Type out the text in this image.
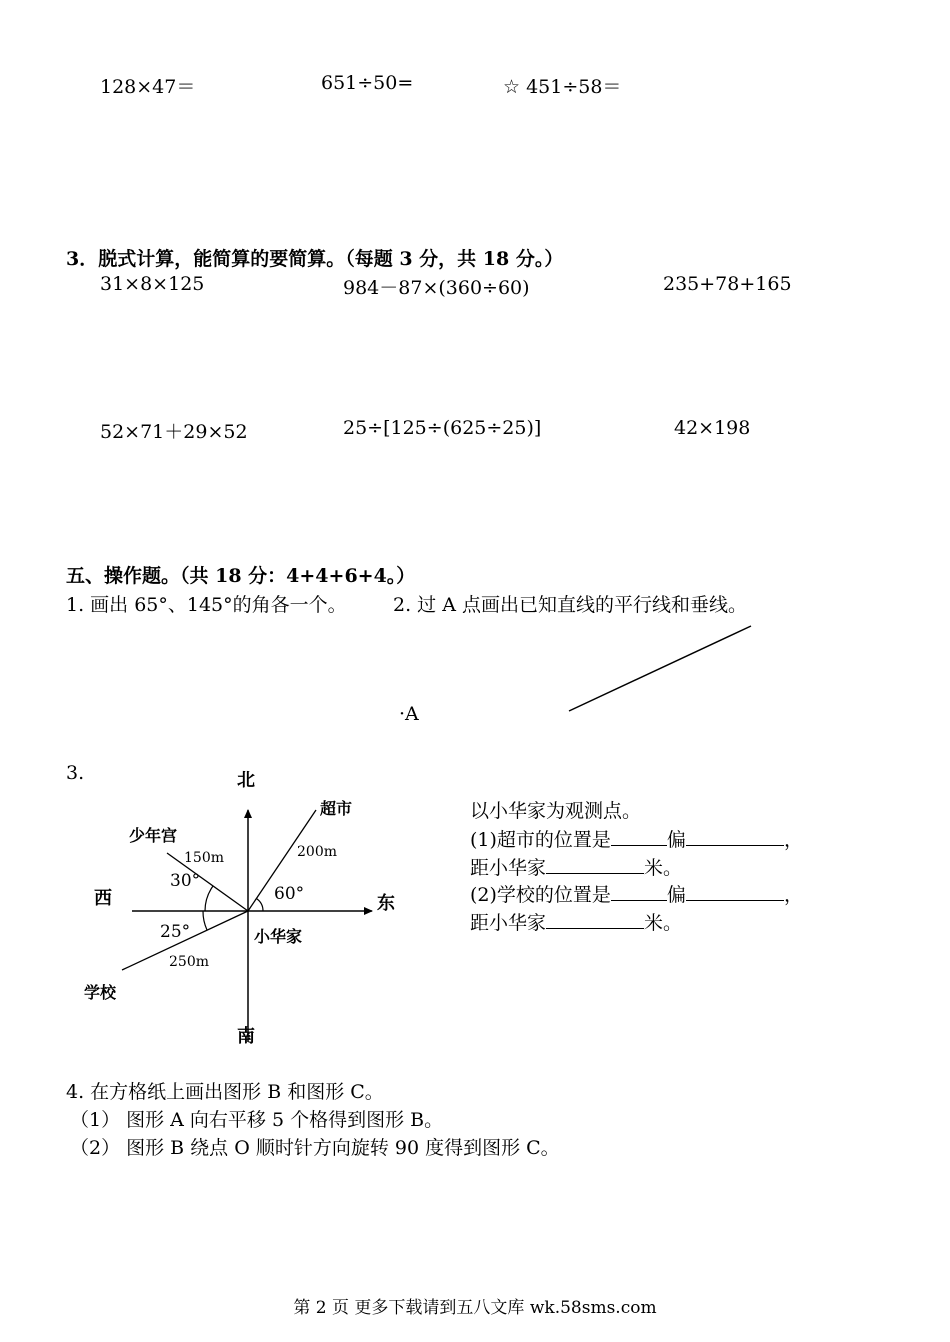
128×47＝	651÷50=	☆ 451÷58＝
3．脱式计算，能简算的要简算。（每题 3 分，共 18 分。）
31×8×125	984－87×(360÷60)	235+78+165
52×71＋29×52	25÷[125÷(625÷25)]	42×198
五、操作题。（共 18 分：4+4+6+4。）
1. 画出 65°、145°的角各一个。 2. 过 A 点画出已知直线的平行线和垂线。
·A
3.	北
南
东
西
超市
少年宫
小华家
学校
150m	200m
250m
30°
60°
25°
以小华家为观测点。
(1)超市的位置是	偏	，
距小华家	米。
(2)学校的位置是	偏	，
距小华家	米。
4. 在方格纸上画出图形 B 和图形 C。
（1） 图形 A 向右平移 5 个格得到图形 B。
（2） 图形 B 绕点 O 顺时针方向旋转 90 度得到图形 C。
第 2 页 更多下载请到五八文库 wk.58sms.com
